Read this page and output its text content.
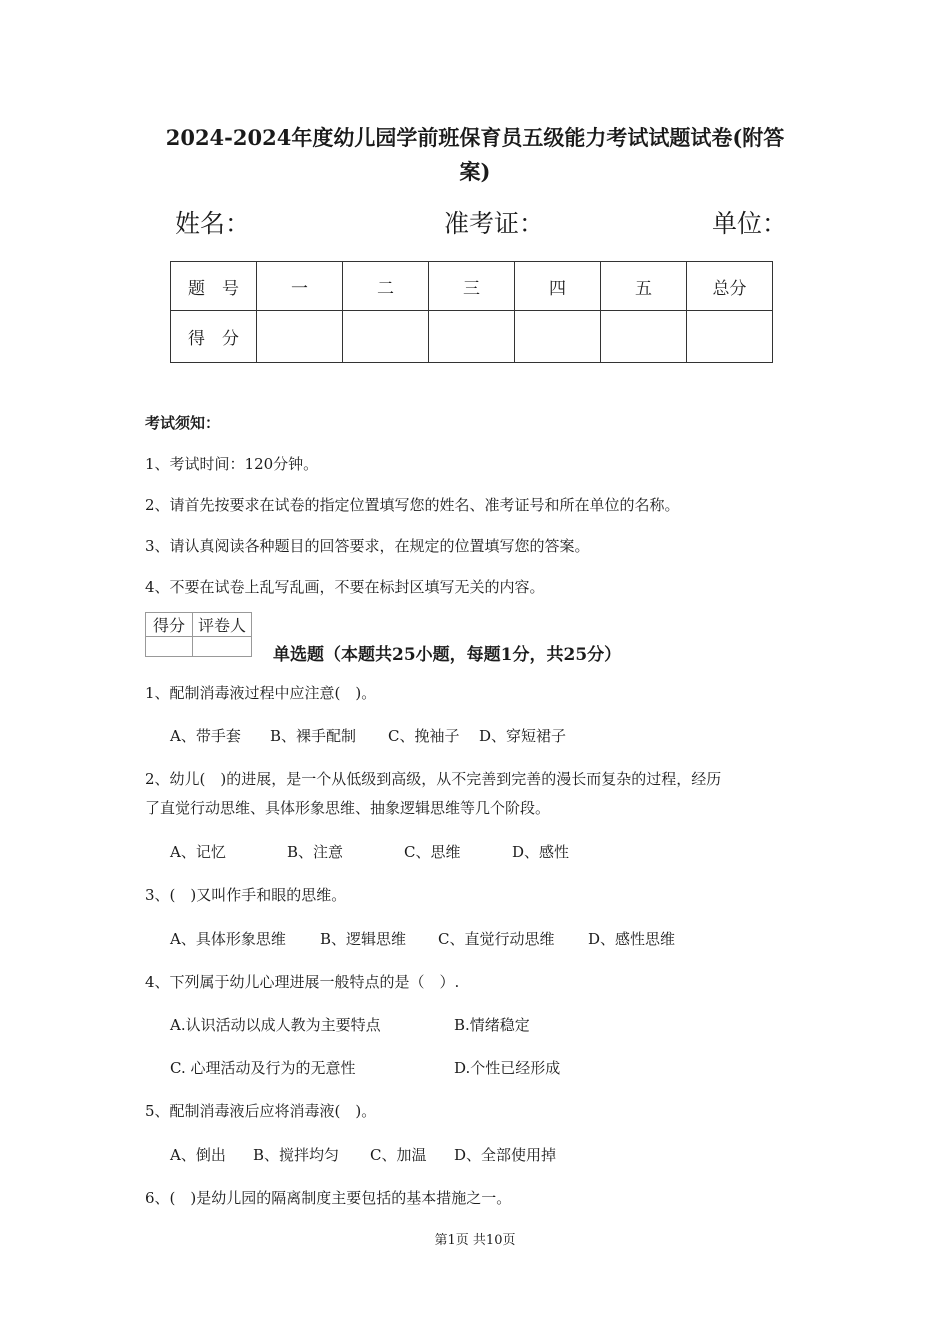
2024-2024年度幼儿园学前班保育员五级能力考试试题试卷(附答
案)
姓名：	准考证：	单位：
题　号	一	二	三	四	五	总分
得　分						
考试须知：
1、考试时间：120分钟。
2、请首先按要求在试卷的指定位置填写您的姓名、准考证号和所在单位的名称。
3、请认真阅读各种题目的回答要求，在规定的位置填写您的答案。
4、不要在试卷上乱写乱画，不要在标封区填写无关的内容。
得分	评卷人

单选题（本题共25小题，每题1分，共25分）
1、配制消毒液过程中应注意(　)。
A、带手套 B、裸手配制 C、挽袖子 D、穿短裙子
2、幼儿(　)的进展，是一个从低级到高级，从不完善到完善的漫长而复杂的过程，经历
了直觉行动思维、具体形象思维、抽象逻辑思维等几个阶段。
A、记忆	B、注意	C、思维	D、感性
3、(　)又叫作手和眼的思维。
A、具体形象思维 B、逻辑思维 C、直觉行动思维 D、感性思维
4、下列属于幼儿心理进展一般特点的是（　）.
A.认识活动以成人教为主要特点	B.情绪稳定
C. 心理活动及行为的无意性	D.个性已经形成
5、配制消毒液后应将消毒液(　)。
A、倒出 B、搅拌均匀 C、加温 D、全部使用掉
6、(　)是幼儿园的隔离制度主要包括的基本措施之一。
第1页 共10页
